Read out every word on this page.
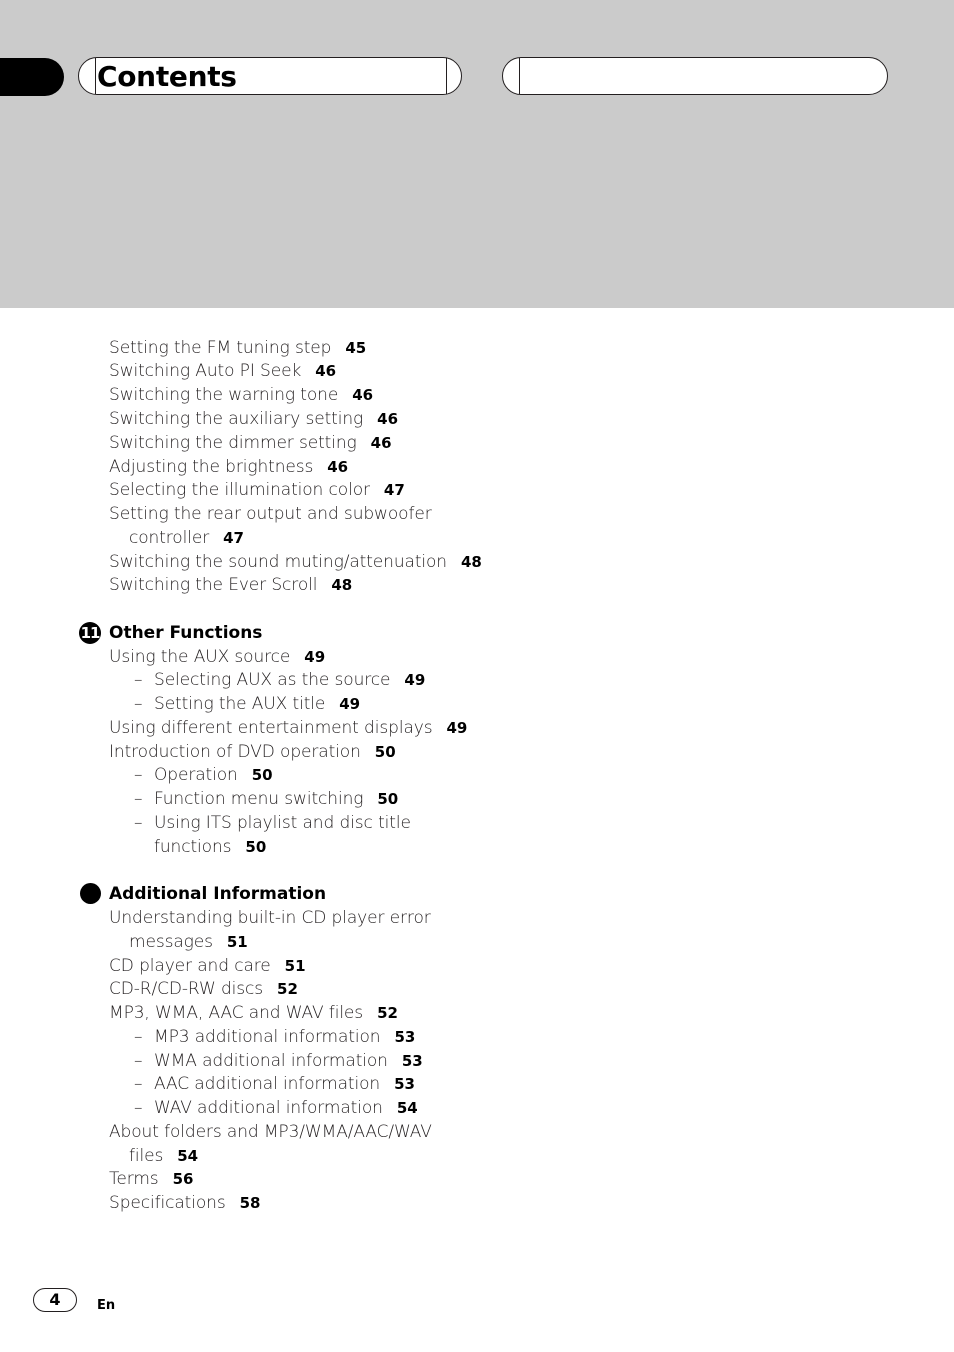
Contents
Setting the FM tuning step 45
Switching Auto PI Seek 46
Switching the warning tone 46
Switching the auxiliary setting 46
Switching the dimmer setting 46
Adjusting the brightness 46
Selecting the illumination color 47
Setting the rear output and subwoofer
controller 47
Switching the sound muting/attenuation 48
Switching the Ever Scroll 48
11 Other Functions
Using the AUX source 49
– Selecting AUX as the source 49
– Setting the AUX title 49
Using different entertainment displays 49
Introduction of DVD operation 50
– Operation 50
– Function menu switching 50
– Using ITS playlist and disc title
functions 50
Additional Information
Understanding built-in CD player error
messages 51
CD player and care 51
CD-R/CD-RW discs 52
MP3, WMA, AAC and WAV files 52
– MP3 additional information 53
– WMA additional information 53
– AAC additional information 53
– WAV additional information 54
About folders and MP3/WMA/AAC/WAV
files 54
Terms 56
Specifications 58
4	En
